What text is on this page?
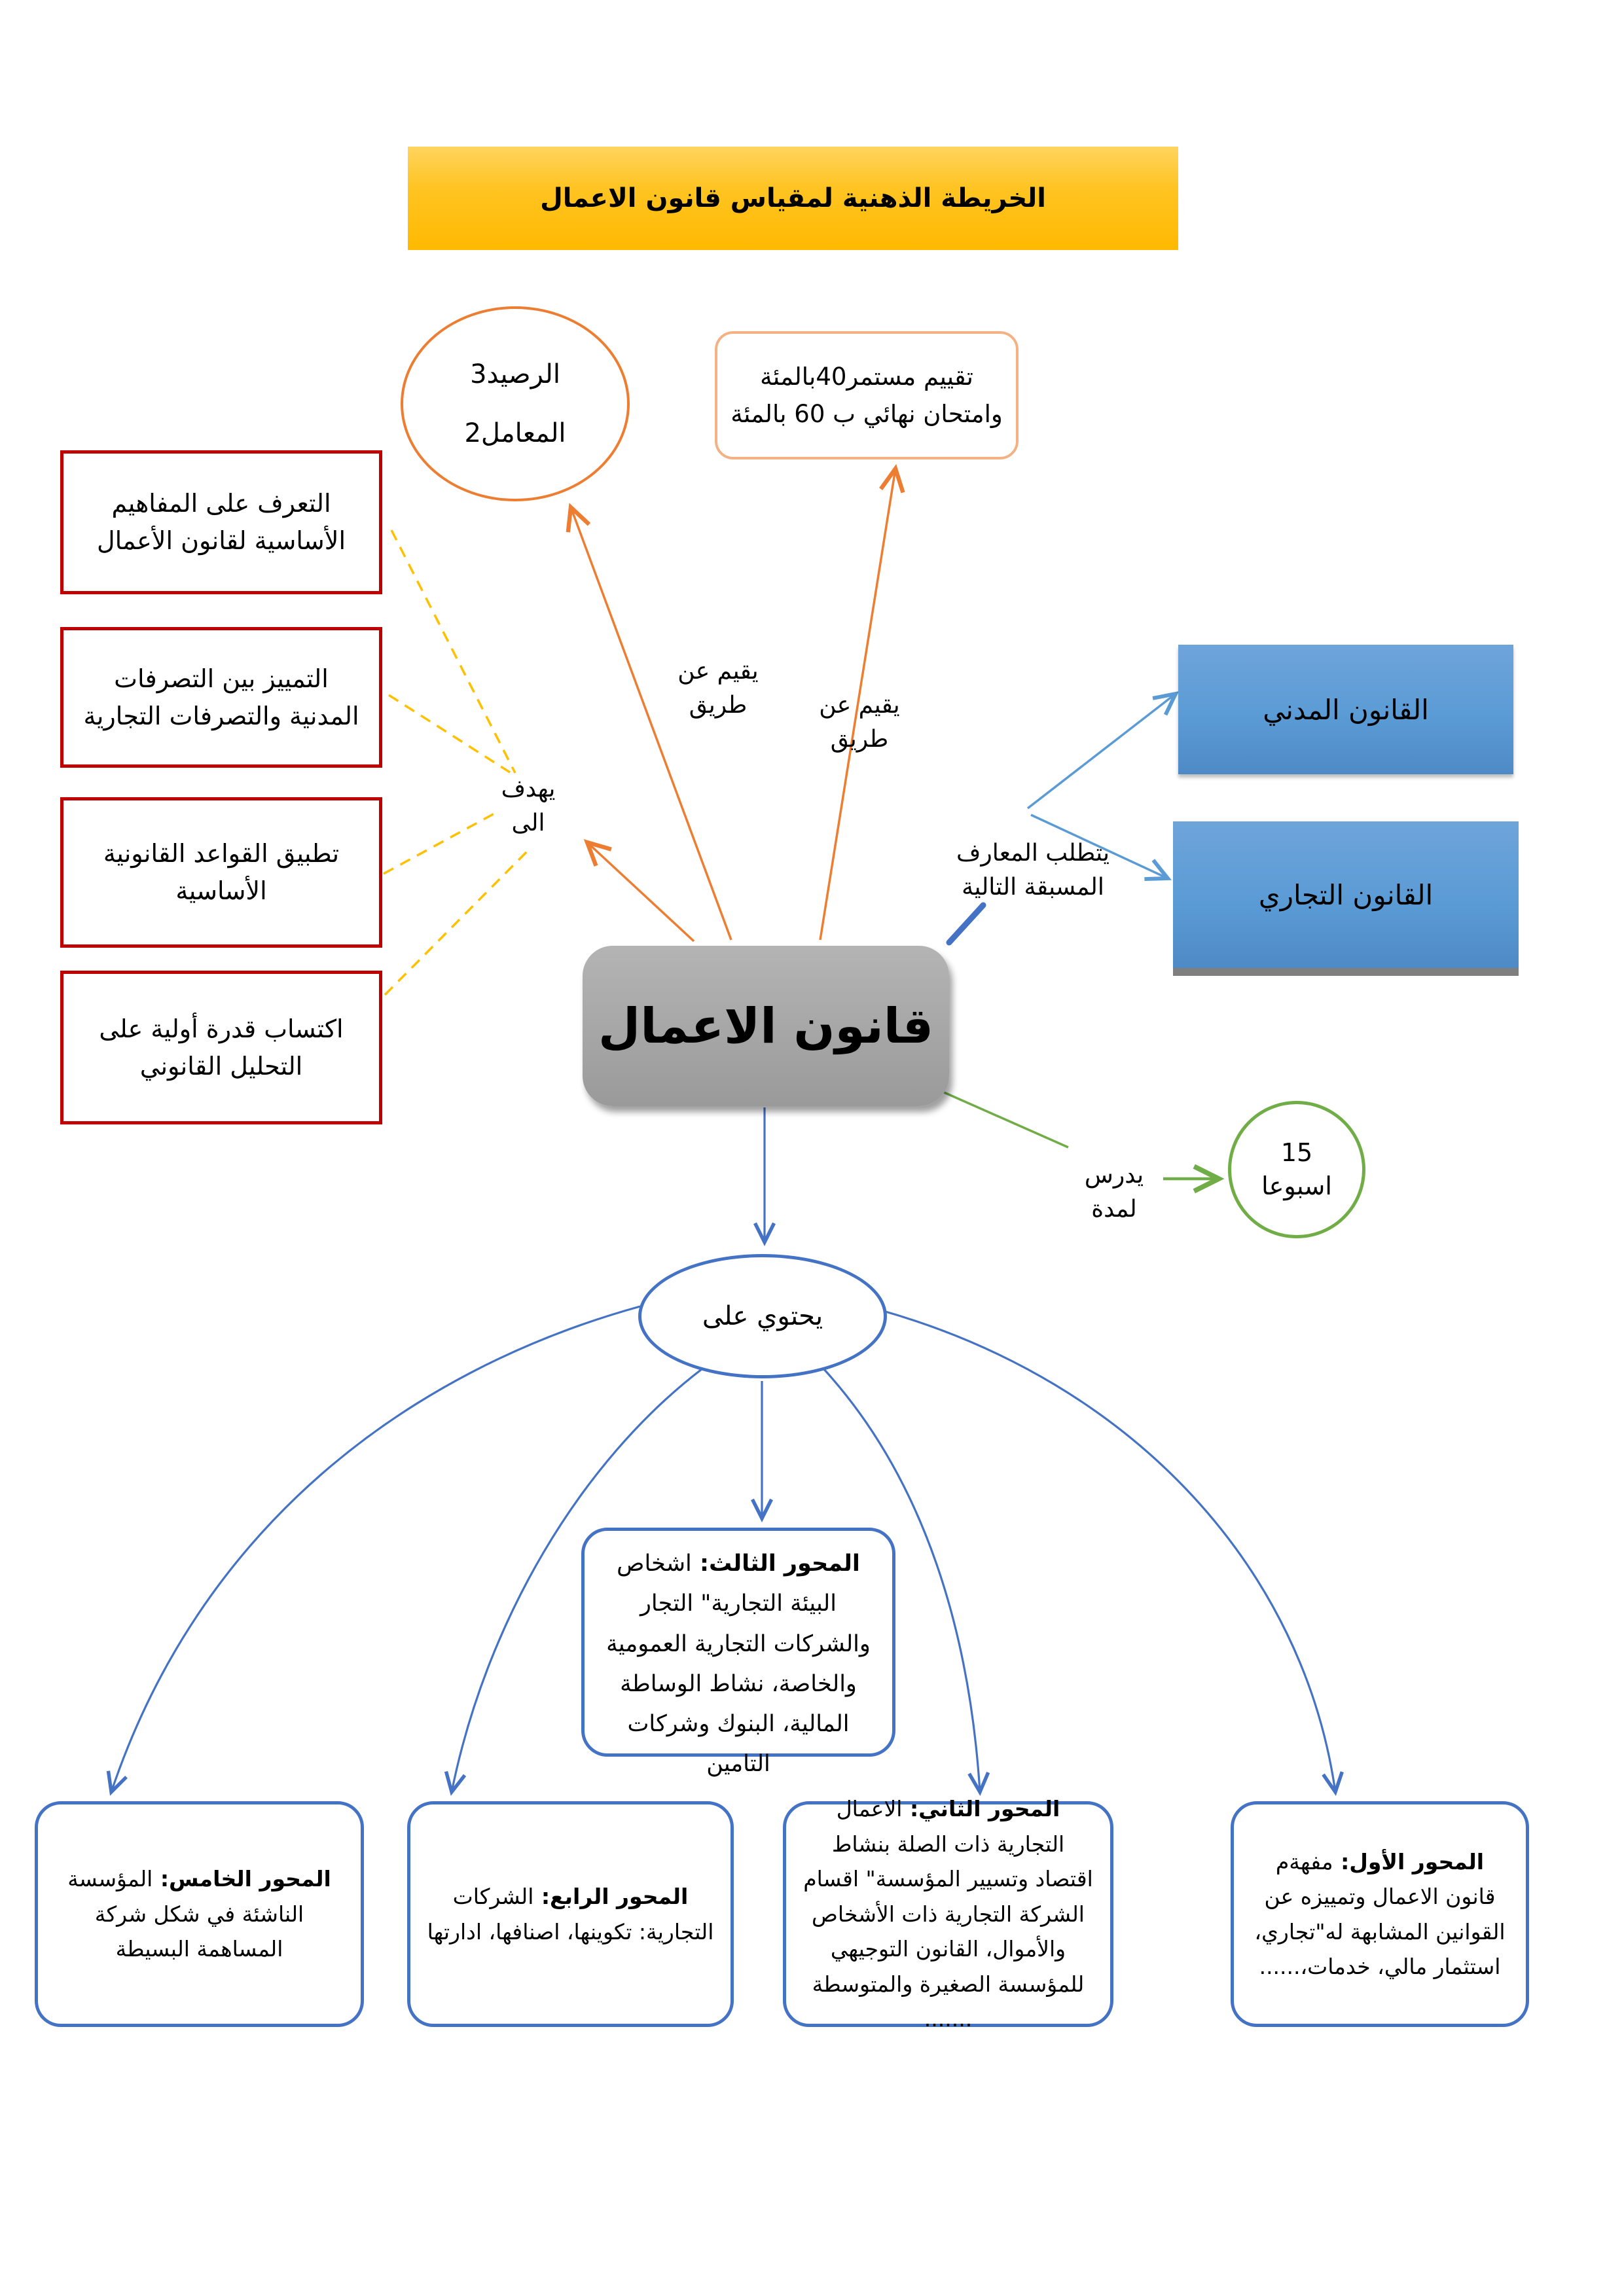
الخريطة الذهنية لمقياس قانون الاعمال
الرصيد3
المعامل2
تقييم مستمر40بالمئة وامتحان نهائي ب 60 بالمئة
التعرف على المفاهيم الأساسية لقانون الأعمال
التمييز بين التصرفات المدنية والتصرفات التجارية
تطبيق القواعد القانونية الأساسية
اكتساب قدرة أولية على التحليل القانوني
يهدف
الى
يقيم عن
طريق	يقيم عن
طريق
يتطلب المعارف
المسبقة التالية
يدرس لمدة
قانون الاعمال
القانون المدني
القانون التجاري
15
اسبوعا
يحتوي على
المحور الثالث: اشخاص البيئة التجارية" التجار والشركات التجارية العمومية والخاصة، نشاط الوساطة المالية، البنوك وشركات التامين
المحور الخامس: المؤسسة الناشئة في شكل شركة المساهمة البسيطة
المحور الرابع: الشركات التجارية: تكوينها، اصنافها، ادارتها
المحور الثاني: الاعمال التجارية ذات الصلة بنشاط اقتصاد وتسيير المؤسسة" اقسام الشركة التجارية ذات الأشخاص والأموال، القانون التوجيهي للمؤسسة الصغيرة والمتوسطة .......
المحور الأول: مفهةم قانون الاعمال وتمييزه عن القوانين المشابهة له"تجاري، استثمار مالي، خدمات،......
